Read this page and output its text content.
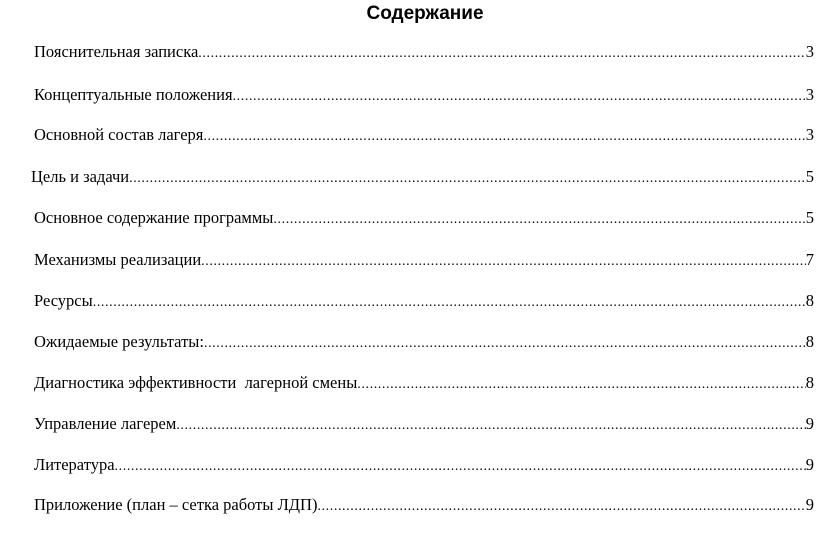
Содержание
Пояснительная записка .....	3
Концептуальные положения .....	3
Основной состав лагеря .....	3
Цель и задачи .....	5
Основное содержание программы .....	5
Механизмы реализации .....	7
Ресурсы .....	8
Ожидаемые результаты: .....	8
Диагностика эффективности  лагерной смены .....	8
Управление лагерем .....	9
Литература .....	9
Приложение (план – сетка работы ЛДП) .....	9
